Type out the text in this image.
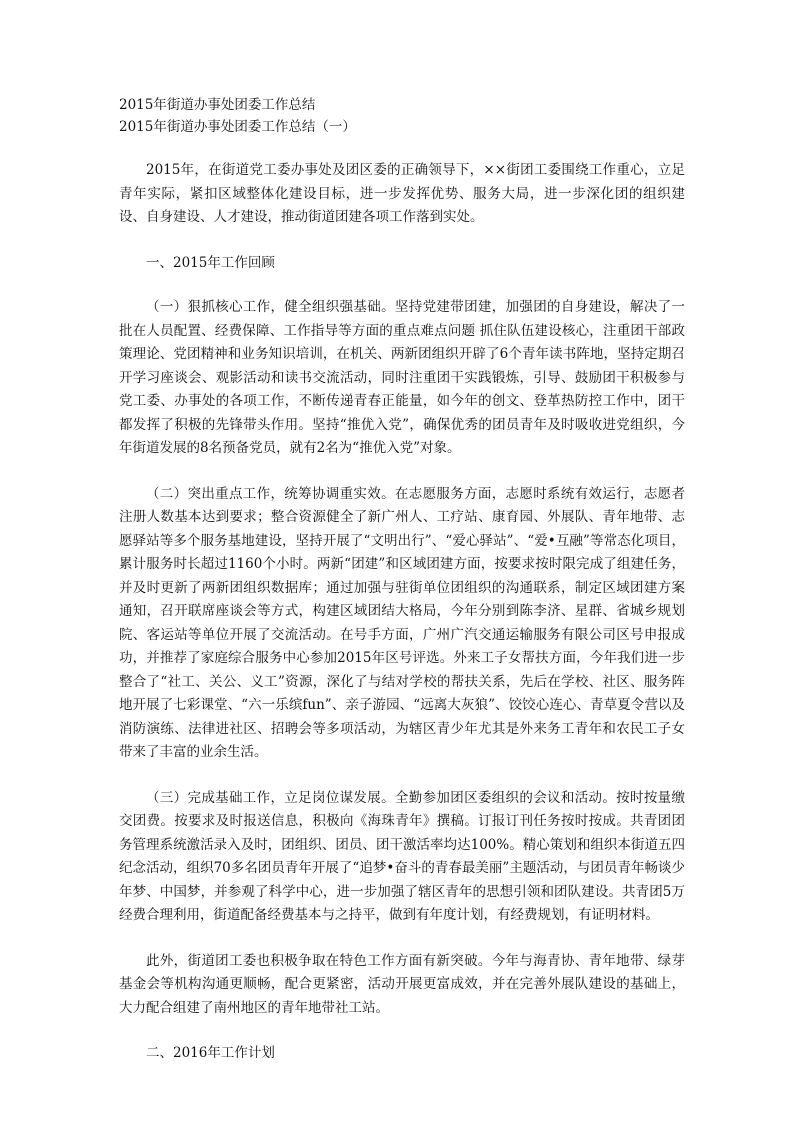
2015年街道办事处团委工作总结
2015年街道办事处团委工作总结（一）

2015年，在街道党工委办事处及团区委的正确领导下，××街团工委围绕工作重心，立足青年实际，紧扣区域整体化建设目标，进一步发挥优势、服务大局，进一步深化团的组织建设、自身建设、人才建设，推动街道团建各项工作落到实处。

一、2015年工作回顾

（一）狠抓核心工作，健全组织强基础。坚持党建带团建，加强团的自身建设，解决了一批在人员配置、经费保障、工作指导等方面的重点难点问题 抓住队伍建设核心，注重团干部政策理论、党团精神和业务知识培训，在机关、两新团组织开辟了6个青年读书阵地，坚持定期召开学习座谈会、观影活动和读书交流活动，同时注重团干实践锻炼，引导、鼓励团干积极参与党工委、办事处的各项工作，不断传递青春正能量，如今年的创文、登革热防控工作中，团干都发挥了积极的先锋带头作用。坚持“推优入党”，确保优秀的团员青年及时吸收进党组织，今年街道发展的8名预备党员，就有2名为“推优入党”对象。

（二）突出重点工作，统筹协调重实效。在志愿服务方面，志愿时系统有效运行，志愿者注册人数基本达到要求；整合资源健全了新广州人、工疗站、康育园、外展队、青年地带、志愿驿站等多个服务基地建设，坚持开展了“文明出行”、“爱心驿站”、“爱•互融”等常态化项目，累计服务时长超过1160个小时。两新“团建”和区域团建方面，按要求按时限完成了组建任务，并及时更新了两新团组织数据库；通过加强与驻街单位团组织的沟通联系，制定区域团建方案通知，召开联席座谈会等方式，构建区域团结大格局，今年分别到陈李济、星群、省城乡规划院、客运站等单位开展了交流活动。在号手方面，广州广汽交通运输服务有限公司区号申报成功，并推荐了家庭综合服务中心参加2015年区号评选。外来工子女帮扶方面，今年我们进一步整合了“社工、关公、义工”资源，深化了与结对学校的帮扶关系，先后在学校、社区、服务阵地开展了七彩课堂、“六一乐缤fun”、亲子游园、“远离大灰狼”、饺饺心连心、青草夏令营以及消防演练、法律进社区、招聘会等多项活动，为辖区青少年尤其是外来务工青年和农民工子女带来了丰富的业余生活。

（三）完成基础工作，立足岗位谋发展。全勤参加团区委组织的会议和活动。按时按量缴交团费。按要求及时报送信息，积极向《海珠青年》撰稿。订报订刊任务按时按成。共青团团务管理系统激活录入及时，团组织、团员、团干激活率均达100%。精心策划和组织本街道五四纪念活动，组织70多名团员青年开展了“追梦•奋斗的青春最美丽”主题活动，与团员青年畅谈少年梦、中国梦，并参观了科学中心，进一步加强了辖区青年的思想引领和团队建设。共青团5万经费合理利用，街道配备经费基本与之持平，做到有年度计划，有经费规划，有证明材料。

此外，街道团工委也积极争取在特色工作方面有新突破。今年与海青协、青年地带、绿芽基金会等机构沟通更顺畅，配合更紧密，活动开展更富成效，并在完善外展队建设的基础上，大力配合组建了南州地区的青年地带社工站。

二、2016年工作计划
